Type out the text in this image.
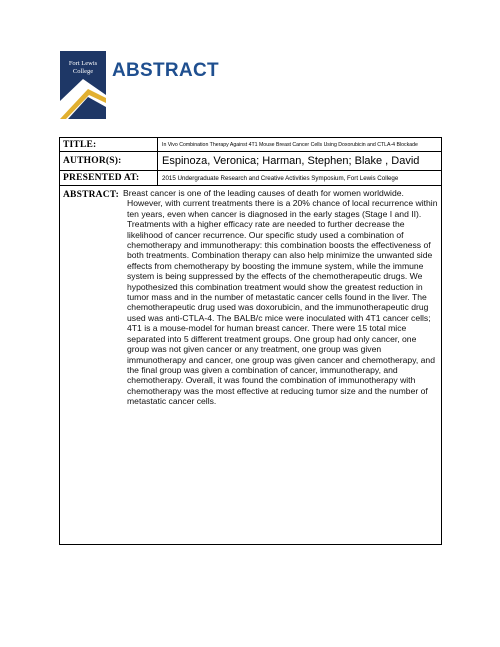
Fort Lewis
College ABSTRACT
TITLE:	In Vivo Combination Therapy Against 4T1 Mouse Breast Cancer Cells Using Doxorubicin and CTLA-4 Blockade
AUTHOR(S):	Espinoza, Veronica; Harman, Stephen; Blake , David
PRESENTED AT:	2015 Undergraduate Research and Creative Activities Symposium, Fort Lewis College
ABSTRACT: Breast cancer is one of the leading causes of death for women worldwide. However, with current treatments there is a 20% chance of local recurrence within ten years, even when cancer is diagnosed in the early stages (Stage I and II). Treatments with a higher efficacy rate are needed to further decrease the likelihood of cancer recurrence. Our specific study used a combination of chemotherapy and immunotherapy: this combination boosts the effectiveness of both treatments. Combination therapy can also help minimize the unwanted side effects from chemotherapy by boosting the immune system, while the immune system is being suppressed by the effects of the chemotherapeutic drugs. We hypothesized this combination treatment would show the greatest reduction in tumor mass and in the number of metastatic cancer cells found in the liver. The chemotherapeutic drug used was doxorubicin, and the immunotherapeutic drug used was anti-CTLA-4. The BALB/c mice were inoculated with 4T1 cancer cells; 4T1 is a mouse-model for human breast cancer. There were 15 total mice separated into 5 different treatment groups. One group had only cancer, one group was not given cancer or any treatment, one group was given immunotherapy and cancer, one group was given cancer and chemotherapy, and the final group was given a combination of cancer, immunotherapy, and chemotherapy. Overall, it was found the combination of immunotherapy with chemotherapy was the most effective at reducing tumor size and the number of metastatic cancer cells.
